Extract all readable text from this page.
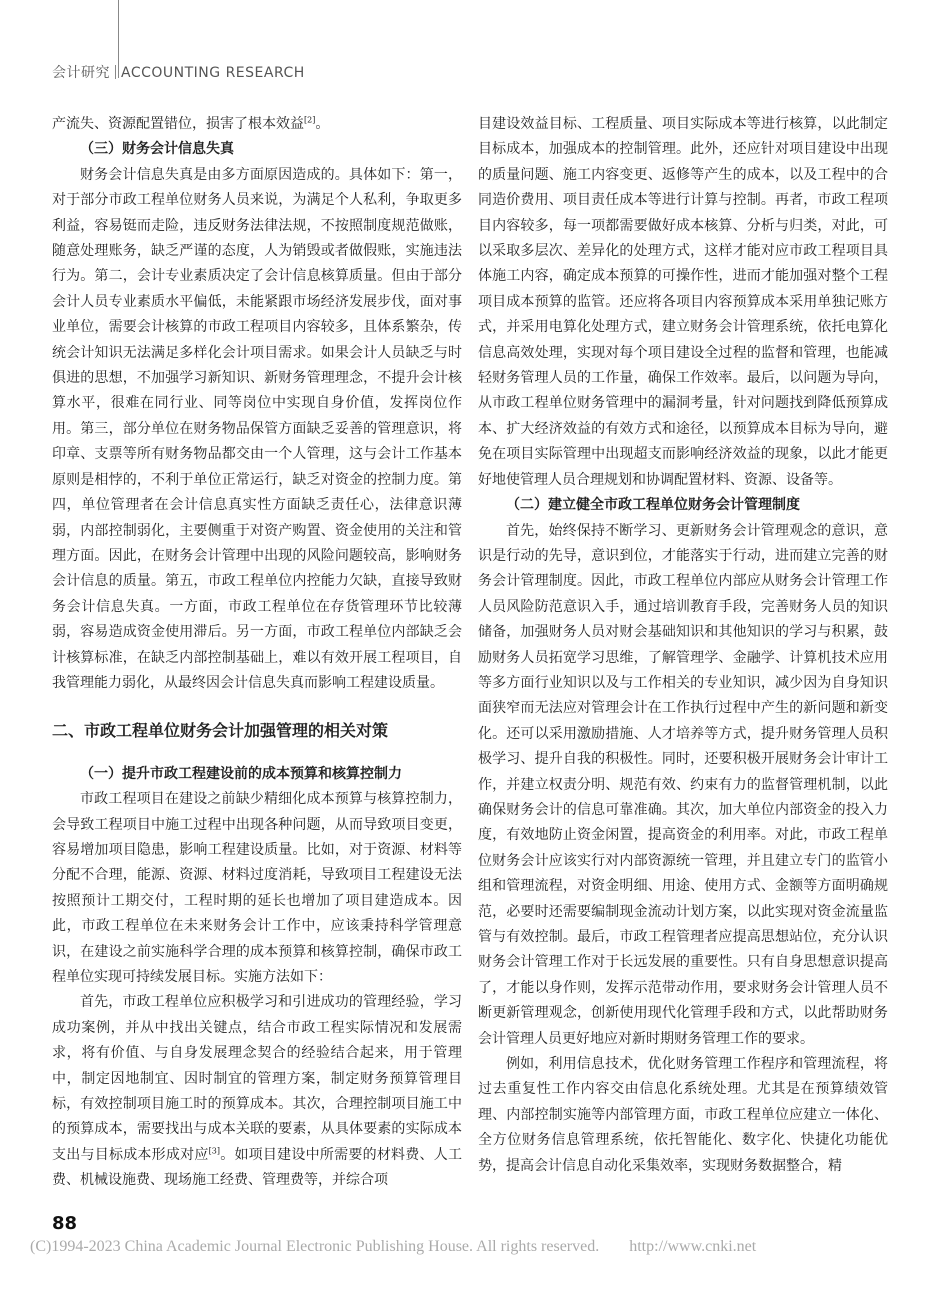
会计研究 ACCOUNTING RESEARCH

产流失、资源配置错位，损害了根本效益[2]。

（三）财务会计信息失真

财务会计信息失真是由多方面原因造成的。具体如下：第一，对于部分市政工程单位财务人员来说，为满足个人私利，争取更多利益，容易铤而走险，违反财务法律法规，不按照制度规范做账，随意处理账务，缺乏严谨的态度，人为销毁或者做假账，实施违法行为。第二，会计专业素质决定了会计信息核算质量。但由于部分会计人员专业素质水平偏低，未能紧跟市场经济发展步伐，面对事业单位，需要会计核算的市政工程项目内容较多，且体系繁杂，传统会计知识无法满足多样化会计项目需求。如果会计人员缺乏与时俱进的思想，不加强学习新知识、新财务管理理念，不提升会计核算水平，很难在同行业、同等岗位中实现自身价值，发挥岗位作用。第三，部分单位在财务物品保管方面缺乏妥善的管理意识，将印章、支票等所有财务物品都交由一个人管理，这与会计工作基本原则是相悖的，不利于单位正常运行，缺乏对资金的控制力度。第四，单位管理者在会计信息真实性方面缺乏责任心，法律意识薄弱，内部控制弱化，主要侧重于对资产购置、资金使用的关注和管理方面。因此，在财务会计管理中出现的风险问题较高，影响财务会计信息的质量。第五，市政工程单位内控能力欠缺，直接导致财务会计信息失真。一方面，市政工程单位在存货管理环节比较薄弱，容易造成资金使用滞后。另一方面，市政工程单位内部缺乏会计核算标准，在缺乏内部控制基础上，难以有效开展工程项目，自我管理能力弱化，从最终因会计信息失真而影响工程建设质量。

二、市政工程单位财务会计加强管理的相关对策
（一）提升市政工程建设前的成本预算和核算控制力

市政工程项目在建设之前缺少精细化成本预算与核算控制力，会导致工程项目中施工过程中出现各种问题，从而导致项目变更，容易增加项目隐患，影响工程建设质量。比如，对于资源、材料等分配不合理，能源、资源、材料过度消耗，导致项目工程建设无法按照预计工期交付，工程时期的延长也增加了项目建造成本。因此，市政工程单位在未来财务会计工作中，应该秉持科学管理意识，在建设之前实施科学合理的成本预算和核算控制，确保市政工程单位实现可持续发展目标。实施方法如下：

首先，市政工程单位应积极学习和引进成功的管理经验，学习成功案例，并从中找出关键点，结合市政工程实际情况和发展需求，将有价值、与自身发展理念契合的经验结合起来，用于管理中，制定因地制宜、因时制宜的管理方案，制定财务预算管理目标，有效控制项目施工时的预算成本。其次，合理控制项目施工中的预算成本，需要找出与成本关联的要素，从具体要素的实际成本支出与目标成本形成对应[3]。如项目建设中所需要的材料费、人工费、机械设施费、现场施工经费、管理费等，并综合项

目建设效益目标、工程质量、项目实际成本等进行核算，以此制定目标成本，加强成本的控制管理。此外，还应针对项目建设中出现的质量问题、施工内容变更、返修等产生的成本，以及工程中的合同造价费用、项目责任成本等进行计算与控制。再者，市政工程项目内容较多，每一项都需要做好成本核算、分析与归类，对此，可以采取多层次、差异化的处理方式，这样才能对应市政工程项目具体施工内容，确定成本预算的可操作性，进而才能加强对整个工程项目成本预算的监管。还应将各项目内容预算成本采用单独记账方式，并采用电算化处理方式，建立财务会计管理系统，依托电算化信息高效处理，实现对每个项目建设全过程的监督和管理，也能减轻财务管理人员的工作量，确保工作效率。最后，以问题为导向，从市政工程单位财务管理中的漏洞考量，针对问题找到降低预算成本、扩大经济效益的有效方式和途径，以预算成本目标为导向，避免在项目实际管理中出现超支而影响经济效益的现象，以此才能更好地使管理人员合理规划和协调配置材料、资源、设备等。

（二）建立健全市政工程单位财务会计管理制度

首先，始终保持不断学习、更新财务会计管理观念的意识，意识是行动的先导，意识到位，才能落实于行动，进而建立完善的财务会计管理制度。因此，市政工程单位内部应从财务会计管理工作人员风险防范意识入手，通过培训教育手段，完善财务人员的知识储备，加强财务人员对财会基础知识和其他知识的学习与积累，鼓励财务人员拓宽学习思维，了解管理学、金融学、计算机技术应用等多方面行业知识以及与工作相关的专业知识，减少因为自身知识面狭窄而无法应对管理会计在工作执行过程中产生的新问题和新变化。还可以采用激励措施、人才培养等方式，提升财务管理人员积极学习、提升自我的积极性。同时，还要积极开展财务会计审计工作，并建立权责分明、规范有效、约束有力的监督管理机制，以此确保财务会计的信息可靠准确。其次，加大单位内部资金的投入力度，有效地防止资金闲置，提高资金的利用率。对此，市政工程单位财务会计应该实行对内部资源统一管理，并且建立专门的监管小组和管理流程，对资金明细、用途、使用方式、金额等方面明确规范，必要时还需要编制现金流动计划方案，以此实现对资金流量监管与有效控制。最后，市政工程管理者应提高思想站位，充分认识财务会计管理工作对于长远发展的重要性。只有自身思想意识提高了，才能以身作则，发挥示范带动作用，要求财务会计管理人员不断更新管理观念，创新使用现代化管理手段和方式，以此帮助财务会计管理人员更好地应对新时期财务管理工作的要求。

例如，利用信息技术，优化财务管理工作程序和管理流程，将过去重复性工作内容交由信息化系统处理。尤其是在预算绩效管理、内部控制实施等内部管理方面，市政工程单位应建立一体化、全方位财务信息管理系统，依托智能化、数字化、快捷化功能优势，提高会计信息自动化采集效率，实现财务数据整合，精

88
(C)1994-2023 China Academic Journal Electronic Publishing House. All rights reserved. http://www.cnki.net
